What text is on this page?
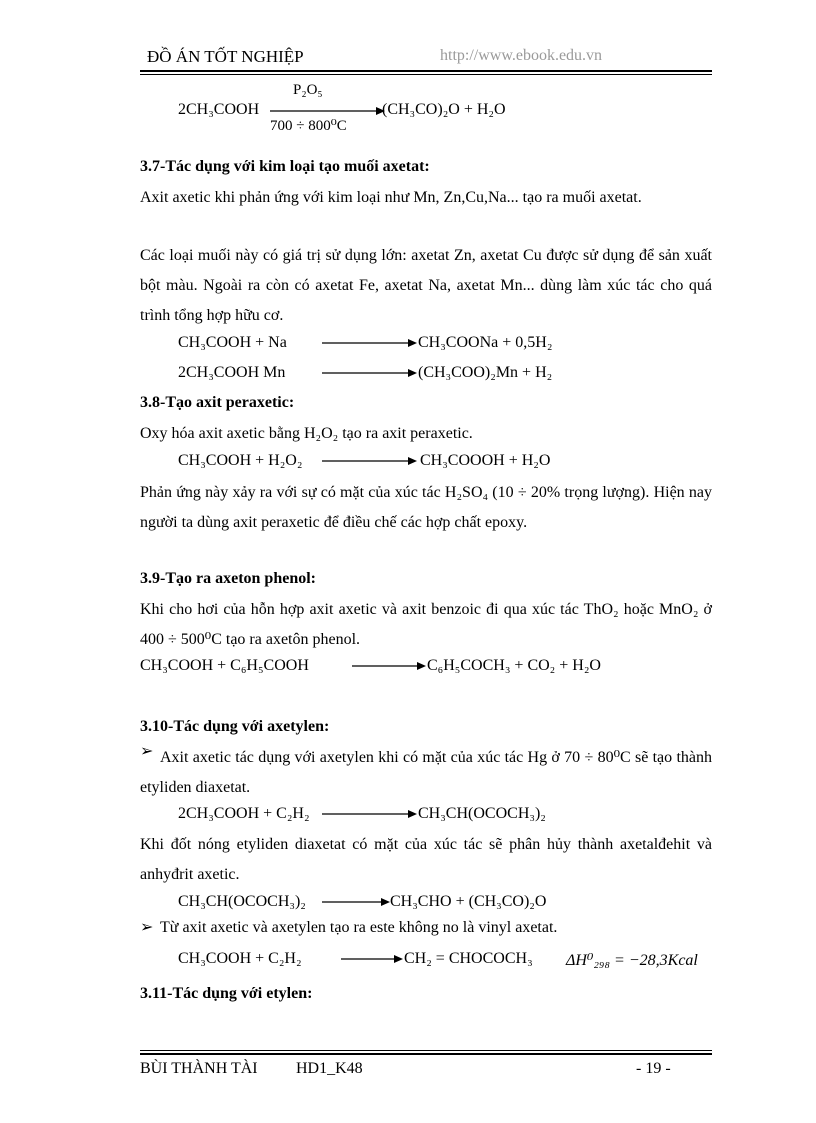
ĐỒ ÁN TỐT NGHIỆP	http://www.ebook.edu.vn
2CH₃COOH
P₂O₅
700 ÷ 800⁰C
(CH₃CO)₂O + H₂O
3.7-Tác dụng với kim loại tạo muối axetat:
Axit axetic khi phản ứng với kim loại như Mn, Zn,Cu,Na... tạo ra muối axetat.
Các loại muối này có giá trị sử dụng lớn: axetat Zn, axetat Cu được sử dụng để sản xuất bột màu. Ngoài ra còn có axetat Fe, axetat Na, axetat Mn... dùng làm xúc tác cho quá trình tổng hợp hữu cơ.
CH₃COOH + Na	CH₃COONa + 0,5H₂
2CH₃COOH Mn	(CH₃COO)₂Mn + H₂
3.8-Tạo axit peraxetic:
Oxy hóa axit axetic bằng H₂O₂ tạo ra axit peraxetic.
CH₃COOH + H₂O₂	CH₃COOOH + H₂O
Phản ứng này xảy ra với sự có mặt của xúc tác H₂SO₄ (10 ÷ 20% trọng lượng). Hiện nay người ta dùng axit peraxetic để điều chế các hợp chất epoxy.
3.9-Tạo ra axeton phenol:
Khi cho hơi của hỗn hợp axit axetic và axit benzoic đi qua xúc tác ThO₂ hoặc MnO₂ ở 400 ÷ 500⁰C tạo ra axetôn phenol.
CH₃COOH + C₆H₅COOH	C₆H₅COCH₃ + CO₂ + H₂O
3.10-Tác dụng với axetylen:
➢ Axit axetic tác dụng với axetylen khi có mặt của xúc tác Hg ở 70 ÷ 80⁰C sẽ tạo thành etyliden diaxetat.
2CH₃COOH + C₂H₂	CH₃CH(OCOCH₃)₂
Khi đốt nóng etyliden diaxetat có mặt của xúc tác sẽ phân hủy thành axetalđehit và anhyđrit axetic.
CH₃CH(OCOCH₃)₂	CH₃CHO + (CH₃CO)₂O
➢ Từ axit axetic và axetylen tạo ra este không no là vinyl axetat.
CH₃COOH + C₂H₂	CH₂ = CHOCOCH₃ ΔH⁰₂₉₈ = −28,3Kcal
3.11-Tác dụng với etylen:
BÙI THÀNH TÀI HD1_K48	- 19 -
